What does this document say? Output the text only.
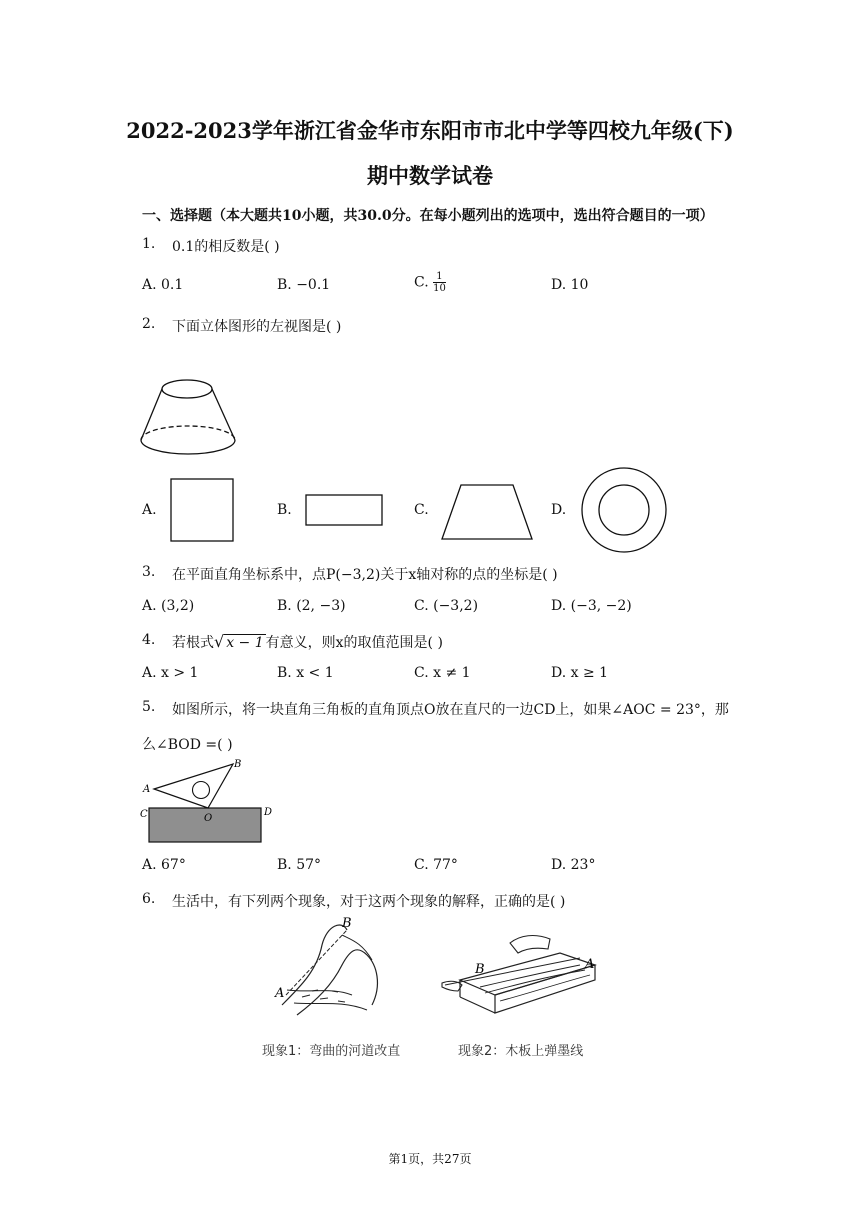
2022-2023学年浙江省金华市东阳市市北中学等四校九年级(下)
期中数学试卷
一、选择题（本大题共10小题，共30.0分。在每小题列出的选项中，选出符合题目的一项）
1. 0.1的相反数是( )
A. 0.1	B. −0.1	C. $\frac{1}{10}$	D. 10
2. 下面立体图形的左视图是( )
A.	B.	C.	D.
3. 在平面直角坐标系中，点P(−3,2)关于x轴对称的点的坐标是( )
A. (3,2)	B. (2, −3)	C. (−3,2)	D. (−3, −2)
4. 若根式√ x − 1 有意义，则x的取值范围是( )
A. x > 1	B. x < 1	C. x ≠ 1	D. x ≥ 1
5. 如图所示，将一块直角三角板的直角顶点O放在直尺的一边CD上，如果∠AOC = 23°，那
么∠BOD =( )
A
B
C	D
O
A. 67°	B. 57°	C. 77°	D. 23°
6. 生活中，有下列两个现象，对于这两个现象的解释，正确的是( )
B
A
B	A
现象1：弯曲的河道改直	现象2：木板上弹墨线
第1页，共27页
